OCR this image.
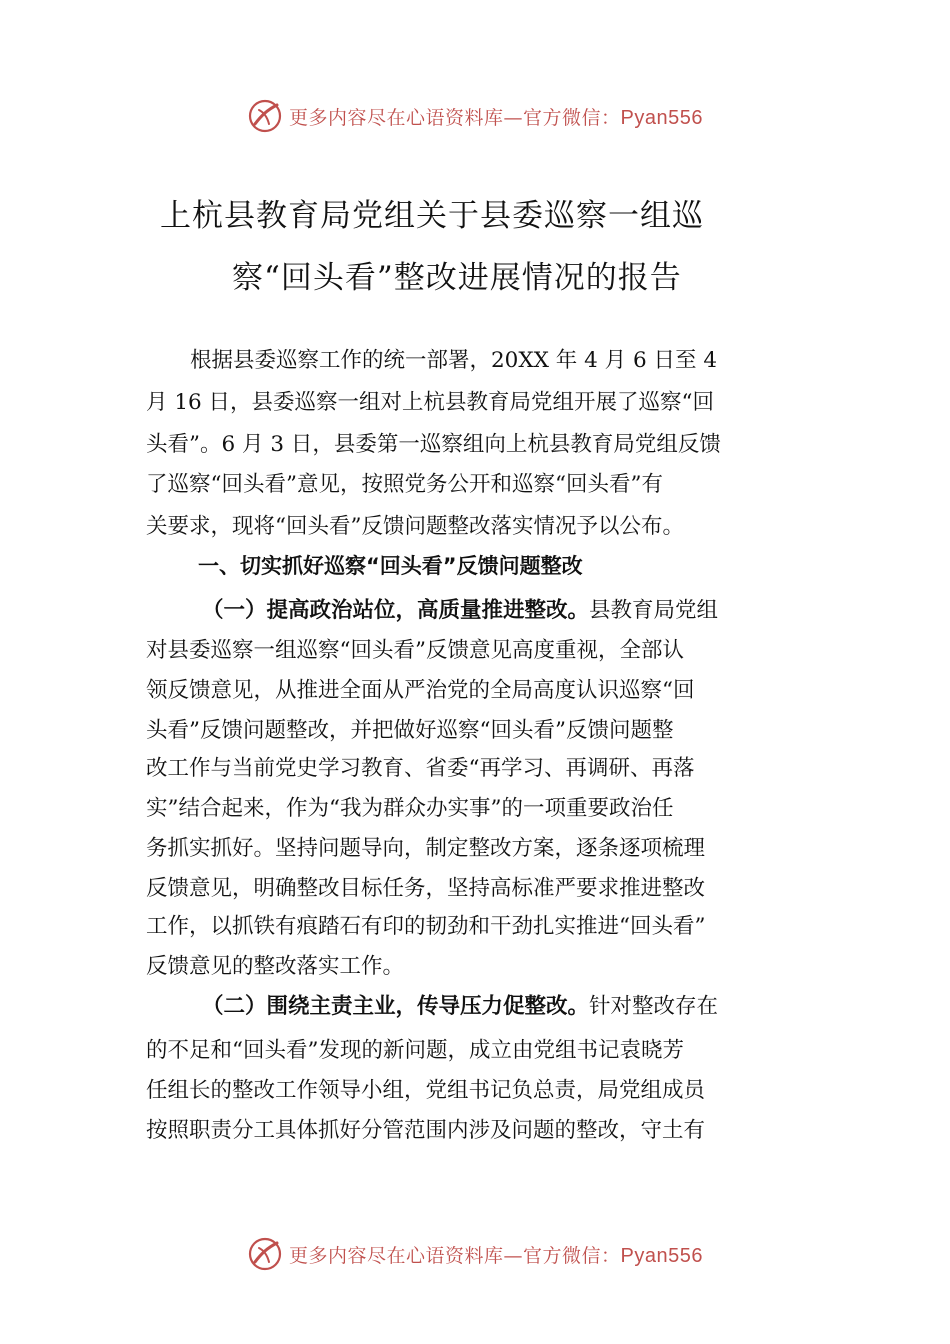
更多内容尽在心语资料库—官方微信：Pyan556
上杭县教育局党组关于县委巡察一组巡
察“回头看”整改进展情况的报告
根据县委巡察工作的统一部署，20XX 年 4 月 6 日至 4
月 16 日，县委巡察一组对上杭县教育局党组开展了巡察“回
头看”。6 月 3 日，县委第一巡察组向上杭县教育局党组反馈
了巡察“回头看”意见，按照党务公开和巡察“回头看”有
关要求，现将“回头看”反馈问题整改落实情况予以公布。
一、切实抓好巡察“回头看”反馈问题整改
（一）提高政治站位，高质量推进整改。县教育局党组
对县委巡察一组巡察“回头看”反馈意见高度重视，全部认
领反馈意见，从推进全面从严治党的全局高度认识巡察“回
头看”反馈问题整改，并把做好巡察“回头看”反馈问题整
改工作与当前党史学习教育、省委“再学习、再调研、再落
实”结合起来，作为“我为群众办实事”的一项重要政治任
务抓实抓好。坚持问题导向，制定整改方案，逐条逐项梳理
反馈意见，明确整改目标任务，坚持高标准严要求推进整改
工作，以抓铁有痕踏石有印的韧劲和干劲扎实推进“回头看”
反馈意见的整改落实工作。
（二）围绕主责主业，传导压力促整改。针对整改存在
的不足和“回头看”发现的新问题，成立由党组书记袁晓芳
任组长的整改工作领导小组，党组书记负总责，局党组成员
按照职责分工具体抓好分管范围内涉及问题的整改，守土有
更多内容尽在心语资料库—官方微信：Pyan556
